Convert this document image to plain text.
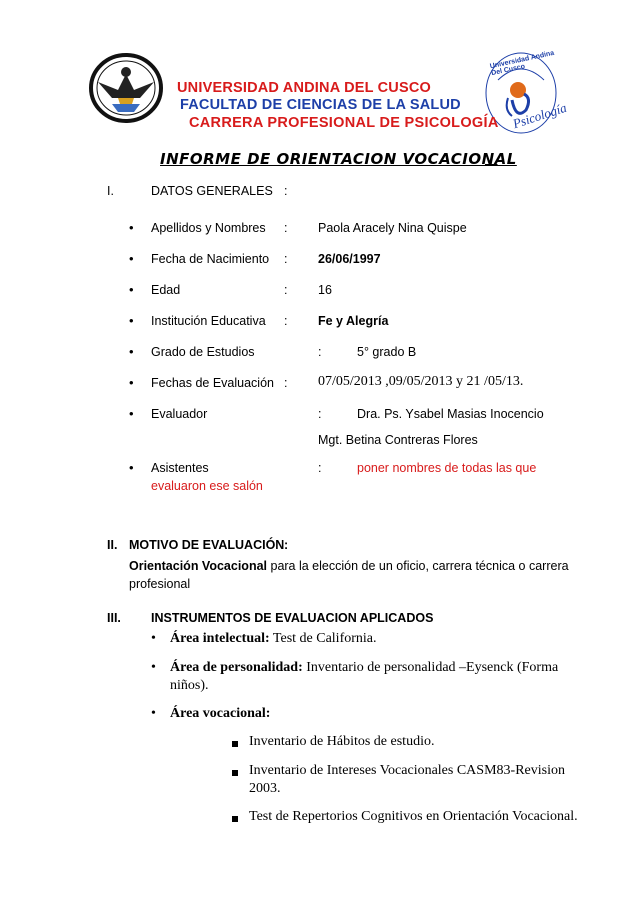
Universidad Andina Del Cusco
Psicología
UNIVERSIDAD ANDINA DEL CUSCO
FACULTAD DE CIENCIAS DE LA SALUD
CARRERA PROFESIONAL DE PSICOLOGÍA
INFORME DE ORIENTACION VOCACIONAL

I.	DATOS GENERALES :
• Apellidos y Nombres : Paola Aracely Nina Quispe
• Fecha de Nacimiento : 26/06/1997
• Edad	: 16
• Institución Educativa : Fe y Alegría
• Grado de Estudios	:	5° grado B
• Fechas de Evaluación : 07/05/2013 ,09/05/2013 y 21 /05/13.
• Evaluador	:	Dra. Ps. Ysabel Masias Inocencio
Mgt. Betina Contreras Flores
• Asistentes	:	poner nombres de todas las que
evaluaron ese salón
II. MOTIVO DE EVALUACIÓN :
Orientación Vocacional para la elección de un oficio, carrera técnica o carrera
profesional
III. INSTRUMENTOS DE EVALUACION APLICADOS
• Área intelectual: Test de California.
• Área de personalidad: Inventario de personalidad –Eysenck (Forma
niños).
• Área vocacional:
Inventario de Hábitos de estudio.
Inventario de Intereses Vocacionales CASM83-Revision
2003.
Test de Repertorios Cognitivos en Orientación Vocacional.
